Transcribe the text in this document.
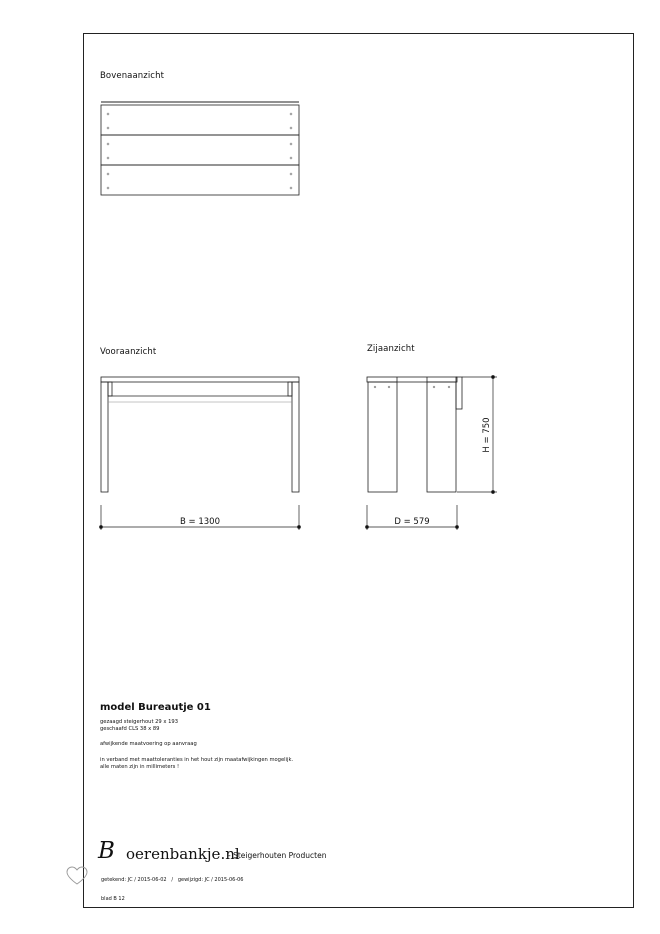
Bovenaanzicht
Vooraanzicht	Zijaanzicht
B = 1300	D = 579
H = 750
model Bureautje 01
gezaagd steigerhout 29 x 193
geschaafd CLS 38 x 89
afwijkende maatvoering op aanvraag
in verband met maattoleranties in het hout zijn maatafwijkingen mogelijk.
alle maten zijn in millimeters !
B oerenbankje.nl
- Steigerhouten Producten
getekend: JC / 2015-06-02 / gewijzigd: JC / 2015-06-06
blad B 12
